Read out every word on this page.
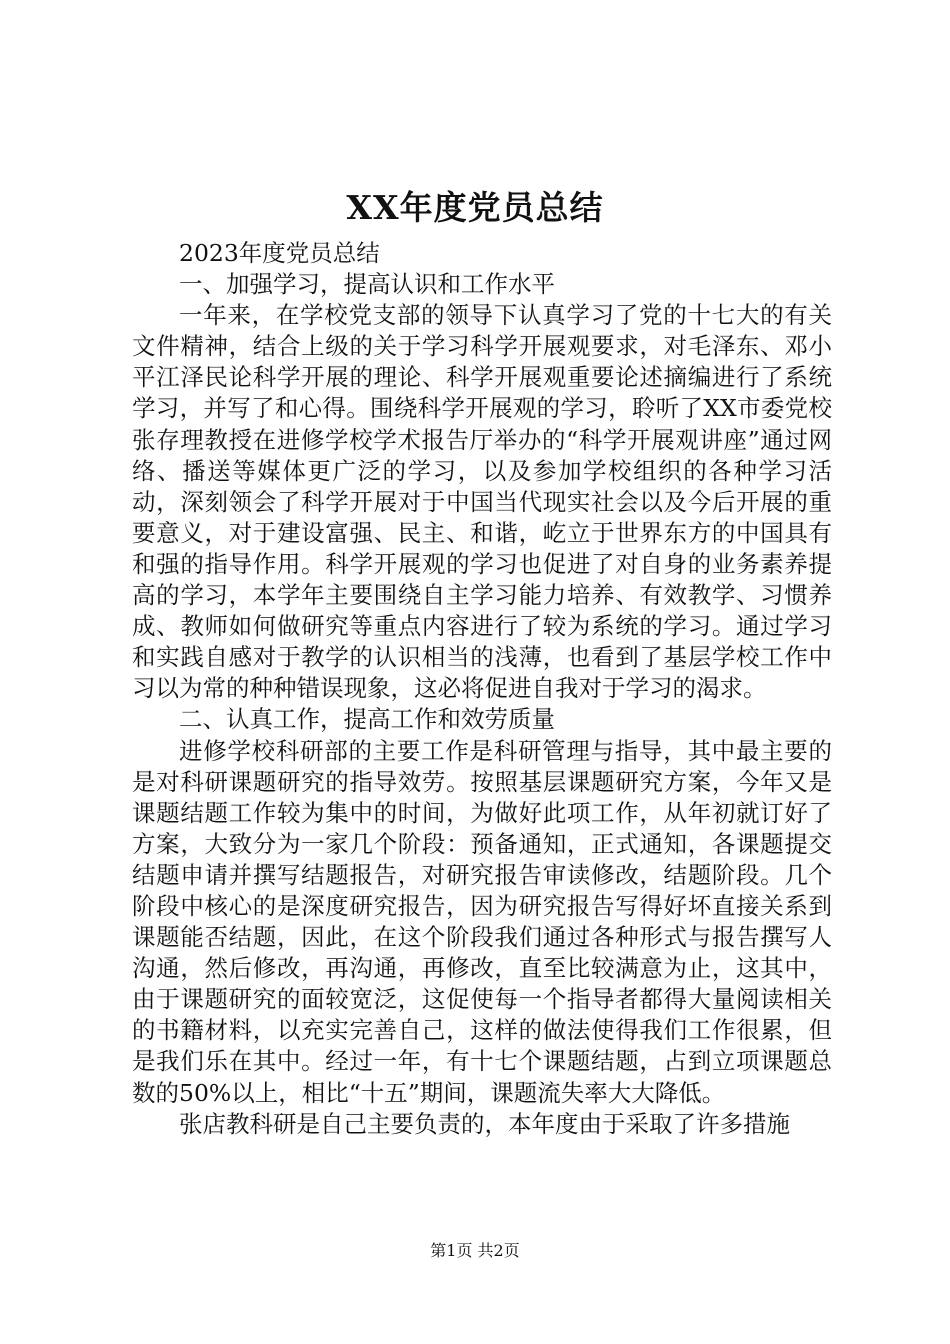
XX年度党员总结

2023年度党员总结

一、加强学习，提高认识和工作水平

一年来，在学校党支部的领导下认真学习了党的十七大的有关文件精神，结合上级的关于学习科学开展观要求，对毛泽东、邓小平江泽民论科学开展的理论、科学开展观重要论述摘编进行了系统学习，并写了和心得。围绕科学开展观的学习，聆听了XX市委党校张存理教授在进修学校学术报告厅举办的“科学开展观讲座”通过网络、播送等媒体更广泛的学习，以及参加学校组织的各种学习活动，深刻领会了科学开展对于中国当代现实社会以及今后开展的重要意义，对于建设富强、民主、和谐，屹立于世界东方的中国具有和强的指导作用。科学开展观的学习也促进了对自身的业务素养提高的学习，本学年主要围绕自主学习能力培养、有效教学、习惯养成、教师如何做研究等重点内容进行了较为系统的学习。通过学习和实践自感对于教学的认识相当的浅薄，也看到了基层学校工作中习以为常的种种错误现象，这必将促进自我对于学习的渴求。

二、认真工作，提高工作和效劳质量

进修学校科研部的主要工作是科研管理与指导，其中最主要的是对科研课题研究的指导效劳。按照基层课题研究方案，今年又是课题结题工作较为集中的时间，为做好此项工作，从年初就订好了方案，大致分为一家几个阶段：预备通知，正式通知，各课题提交结题申请并撰写结题报告，对研究报告审读修改，结题阶段。几个阶段中核心的是深度研究报告，因为研究报告写得好坏直接关系到课题能否结题，因此，在这个阶段我们通过各种形式与报告撰写人沟通，然后修改，再沟通，再修改，直至比较满意为止，这其中，由于课题研究的面较宽泛，这促使每一个指导者都得大量阅读相关的书籍材料，以充实完善自己，这样的做法使得我们工作很累，但是我们乐在其中。经过一年，有十七个课题结题，占到立项课题总数的50%以上，相比“十五”期间，课题流失率大大降低。

张店教科研是自己主要负责的，本年度由于采取了许多措施

第1页 共2页
